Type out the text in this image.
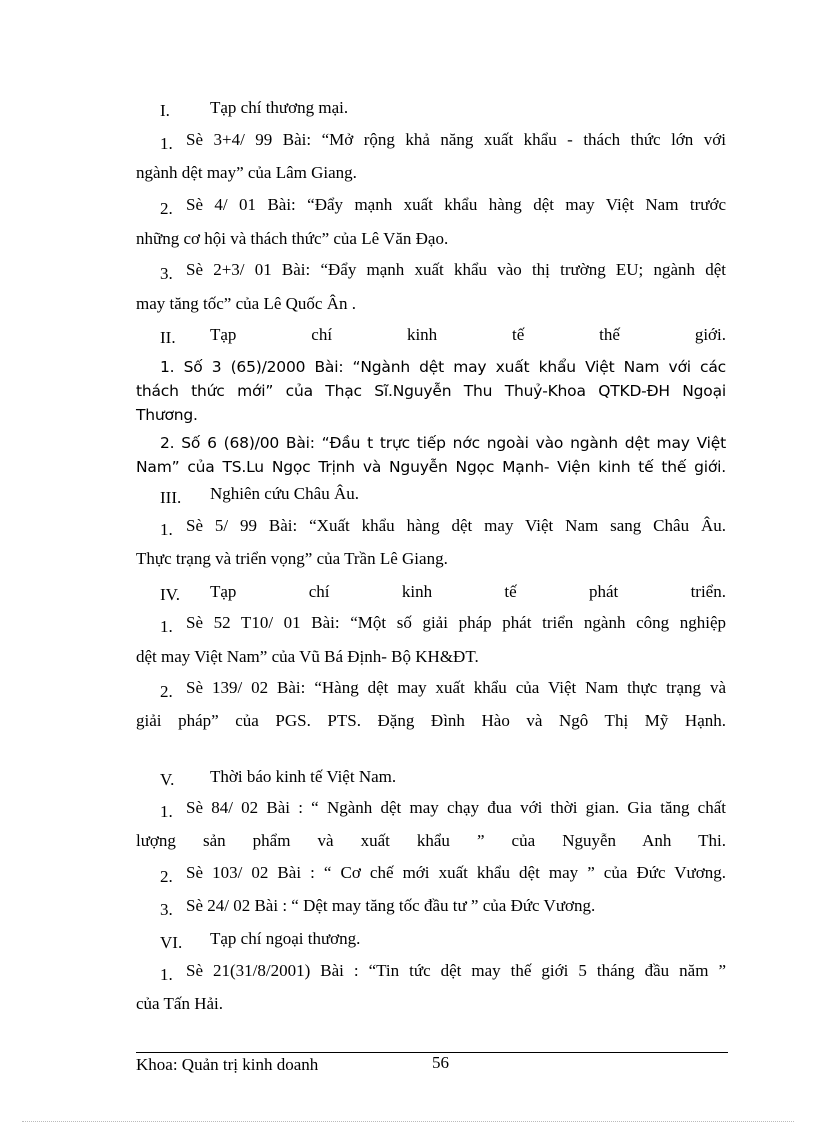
I. Tạp chí thương mại.
1. Sè 3+4/ 99 Bài: “Mở rộng khả năng xuất khẩu - thách thức lớn với
ngành dệt may” của Lâm Giang.
2. Sè 4/ 01 Bài: “Đẩy mạnh xuất khẩu hàng dệt may Việt Nam trước
những cơ hội và thách thức” của Lê Văn Đạo.
3. Sè 2+3/ 01 Bài: “Đẩy mạnh xuất khẩu vào thị trường EU; ngành dệt
may tăng tốc” của Lê Quốc Ân .
II. Tạp	chí	kinh	tế	thế	giới.
1. Số 3 (65)/2000 Bài: “Ngành dệt may xuất khẩu Việt Nam với các
thách thức mới” của Thạc Sĩ.Nguyễn Thu Thuỷ-Khoa QTKD-ĐH Ngoại
Thương.
2. Số 6 (68)/00 Bài: “Đầu t trực tiếp nớc ngoài vào ngành dệt may Việt
Nam” của TS.Lu Ngọc Trịnh và Nguyễn Ngọc Mạnh- Viện kinh tế thế giới.
III. Nghiên cứu Châu Âu.
1. Sè 5/ 99 Bài: “Xuất khẩu hàng dệt may Việt Nam sang Châu Âu.
Thực trạng và triển vọng” của Trần Lê Giang.
IV. Tạp	chí	kinh	tế	phát	triển.
1. Sè 52 T10/ 01 Bài: “Một số giải pháp phát triển ngành công nghiệp
dệt may Việt Nam” của Vũ Bá Định- Bộ KH&ĐT.
2. Sè 139/ 02 Bài: “Hàng dệt may xuất khẩu của Việt Nam thực trạng và
giải pháp” của PGS. PTS. Đặng Đình Hào và Ngô Thị Mỹ Hạnh.
V. Thời báo kinh tế Việt Nam.
1. Sè 84/ 02 Bài : “ Ngành dệt may chạy đua với thời gian. Gia tăng chất
lượng sản phẩm và xuất khẩu ” của Nguyễn Anh Thi.
2. Sè 103/ 02 Bài : “ Cơ chế mới xuất khẩu dệt may ” của Đức Vương.
3. Sè 24/ 02 Bài : “ Dệt may tăng tốc đầu tư ” của Đức Vương.
VI. Tạp chí ngoại thương.
1. Sè 21(31/8/2001) Bài : “Tin tức dệt may thế giới 5 tháng đầu năm ”
của Tấn Hải.
Khoa: Quản trị kinh doanh	56
